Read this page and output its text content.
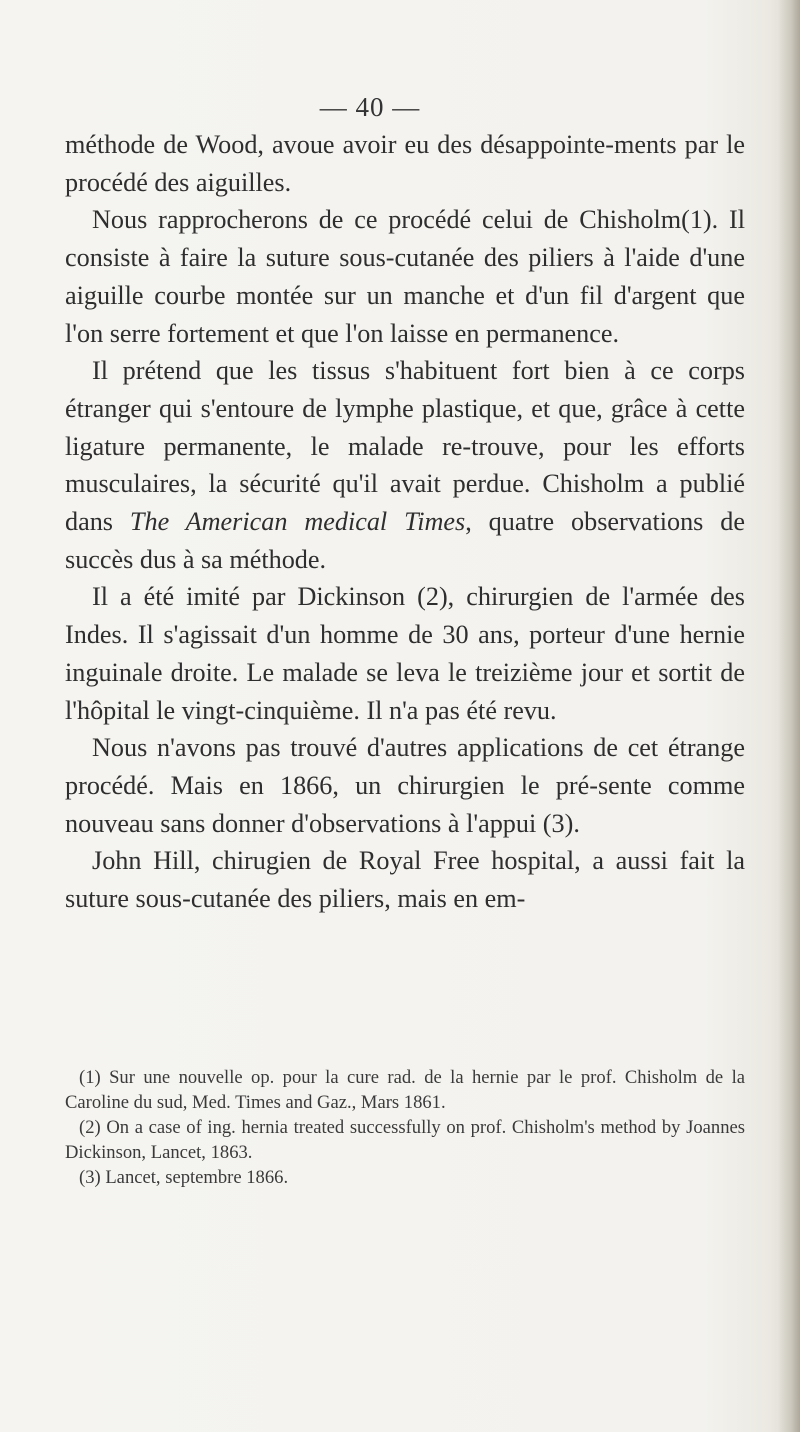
— 40 —

méthode de Wood, avoue avoir eu des désappointe-ments par le procédé des aiguilles.

Nous rapprocherons de ce procédé celui de Chisholm(1). Il consiste à faire la suture sous-cutanée des piliers à l'aide d'une aiguille courbe montée sur un manche et d'un fil d'argent que l'on serre fortement et que l'on laisse en permanence.

Il prétend que les tissus s'habituent fort bien à ce corps étranger qui s'entoure de lymphe plastique, et que, grâce à cette ligature permanente, le malade re-trouve, pour les efforts musculaires, la sécurité qu'il avait perdue. Chisholm a publié dans The American medical Times, quatre observations de succès dus à sa méthode.

Il a été imité par Dickinson (2), chirurgien de l'armée des Indes. Il s'agissait d'un homme de 30 ans, porteur d'une hernie inguinale droite. Le malade se leva le treizième jour et sortit de l'hôpital le vingt-cinquième. Il n'a pas été revu.

Nous n'avons pas trouvé d'autres applications de cet étrange procédé. Mais en 1866, un chirurgien le pré-sente comme nouveau sans donner d'observations à l'appui (3).

John Hill, chirugien de Royal Free hospital, a aussi fait la suture sous-cutanée des piliers, mais en em-

(1) Sur une nouvelle op. pour la cure rad. de la hernie par le prof. Chisholm de la Caroline du sud, Med. Times and Gaz., Mars 1861.

(2) On a case of ing. hernia treated successfully on prof. Chisholm's method by Joannes Dickinson, Lancet, 1863.

(3) Lancet, septembre 1866.
